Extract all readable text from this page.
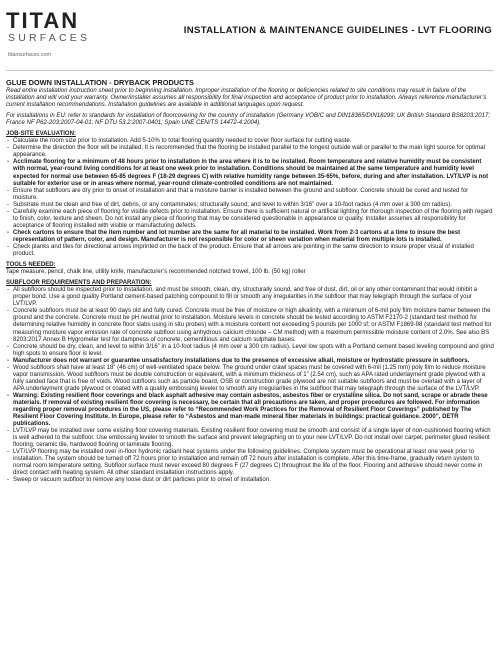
TITAN
SURFACES
titansurfaces.com
INSTALLATION & MAINTENANCE GUIDELINES - LVT FLOORING
GLUE DOWN INSTALLATION - DRYBACK PRODUCTS
Read entire installation instruction sheet prior to beginning installation. Improper installation of the flooring or deficiencies related to site conditions may result in failure of the installation and will void your warranty. Owner/installer assumes all responsibility for final inspection and acceptance of product prior to installation. Always reference manufacturer’s current installation recommendations. Installation guidelines are available in additional languages upon request.
For installations in EU: refer to standards for installation of floorcovering for the country of installation (Germany VOB/C and DIN18365/DIN18299; UK British Standard BS8203:2017; France NF P62-203:2007-04-01; NF DTU 53.2:2007-0401; Spain UNE CEN/TS 14472-4:2004).
JOB-SITE EVALUATION:
- Calculate the room size prior to installation. Add 5-10% to total flooring quantity needed to cover floor surface for cutting waste.
- Determine the direction the floor will be installed. It is recommended that the flooring be installed parallel to the longest outside wall or parallel to the main light source for optimal appearance.
- Acclimate flooring for a minimum of 48 hours prior to installation in the area where it is to be installed. Room temperature and relative humidity must be consistent with normal, year-round living conditions for at least one week prior to installation. Conditions should be maintained at the same temperature and humidity level expected for normal use between 65-85 degrees F (18-29 degrees C) with relative humidity range between 35-65%, before, during and after installation. LVT/LVP is not suitable for exterior use or in areas where normal, year-round climate-controlled conditions are not maintained.
- Ensure that subfloors are dry prior to onset of installation and that a moisture barrier is installed between the ground and subfloor. Concrete should be cured and tested for moisture.
- Substrate must be clean and free of dirt, debris, or any contaminates; structurally sound; and level to within 3/16” over a 10-foot radius (4 mm over a 300 cm radius).
- Carefully examine each piece of flooring for visible defects prior to installation. Ensure there is sufficient natural or artificial lighting for thorough inspection of the flooring with regard to finish, color, texture and sheen. Do not install any piece of flooring that may be considered questionable in appearance or quality. Installer assumes all responsibility for acceptance of flooring installed with visible or manufacturing defects.
- Check cartons to ensure that the item number and lot number are the same for all material to be installed. Work from 2-3 cartons at a time to insure the best representation of pattern, color, and design. Manufacturer is not responsible for color or sheen variation when material from multiple lots is installed.
- Check planks and tiles for directional arrows imprinted on the back of the product. Ensure that all arrows are pointing in the same direction to insure proper visual of installed product.
TOOLS NEEDED:
Tape measure, pencil, chalk line, utility knife, manufacturer’s recommended notched trowel, 100 lb. (50 kg) roller
SUBFLOOR REQUIREMENTS AND PREPARATION:
- All subfloors should be inspected prior to installation, and must be smooth, clean, dry, structurally sound, and free of dust, dirt, oil or any other contaminant that would inhibit a proper bond. Use a good quality Portland cement-based patching compound to fill or smooth any irregularities in the subfloor that may telegraph through the surface of your LVT/LVP.
- Concrete subfloors must be at least 90 days old and fully cured. Concrete must be free of moisture or high alkalinity, with a minimum of 6-mil poly film moisture barrier between the ground and the concrete. Concrete must be pH neutral prior to installation. Moisture levels in concrete should be tested according to ASTM F2170-2 (standard test method for determining relative humidity in concrete floor slabs using in situ probes) with a moisture content not exceeding 5 pounds per 1000 sf; or ASTM F1869-98 (standard test method for measuring moisture vapor emission rate of concrete subfloor using anhydrous calcium chloride – CM method) with a maximum permissible moisture content of 2.0%. See also BS 8203:2017 Annex B Hygrometer test for dampness of concrete, cementitious and calcium sulphate bases.
- Concrete should be dry, clean, and level to within 3/16” in a 10-foot radius (4 mm over a 300 cm radius). Level low spots with a Portland cement based leveling compound and grind high spots to ensure floor is level.
- Manufacturer does not warrant or guarantee unsatisfactory installations due to the presence of excessive alkali, moisture or hydrostatic pressure in subfloors.
- Wood subfloors shall have at least 18” (46 cm) of well-ventilated space below. The ground under crawl spaces must be covered with 6-mil (1.25 mm) poly film to reduce moisture vapor transmission. Wood subfloors must be double construction or equivalent, with a minimum thickness of 1” (2.54 cm), such as APA rated underlayment grade plywood with a fully sanded face that is free of voids. Wood subfloors such as particle board, OSB or construction grade plywood are not suitable subfloors and must be overlaid with a layer of APA underlayment grade plywood or coated with a quality embossing leveler to smooth any irregularities in the subfloor that may telegraph through the surface of the LVT/LVP.
- Warning: Existing resilient floor coverings and black asphalt adhesive may contain asbestos, asbestos fiber or crystalline silica. Do not sand, scrape or abrade these materials. If removal of existing resilient floor covering is necessary, be certain that all precautions are taken, and proper procedures are followed. For information regarding proper removal procedures in the US, please refer to “Recommended Work Practices for the Removal of Resilient Floor Coverings” published by The Resilient Floor Covering Institute. In Europe, please refer to “Asbestos and man-made mineral fiber materials in buildings: practical guidance. 2000”, DETR publications.
- LVT/LVP may be installed over some existing floor covering materials. Existing resilient floor covering must be smooth and consist of a single layer of non-cushioned flooring which is well adhered to the subfloor. Use embossing leveler to smooth the surface and prevent telegraphing on to your new LVT/LVP. Do not install over carpet, perimeter glued resilient flooring, ceramic tile, hardwood flooring or laminate flooring.
- LVT/LVP flooring may be installed over in-floor hydronic radiant heat systems under the following guidelines. Complete system must be operational at least one week prior to installation. The system should be turned off 72 hours prior to installation and remain off 72 hours after installation is complete. After this time-frame, gradually return system to normal room temperature setting. Subfloor surface must never exceed 80 degrees F (27 degrees C) throughout the life of the floor. Flooring and adhesive should never come in direct contact with heating system. All other standard installation instructions apply.
- Sweep or vacuum subfloor to remove any loose dust or dirt particles prior to onset of installation.
